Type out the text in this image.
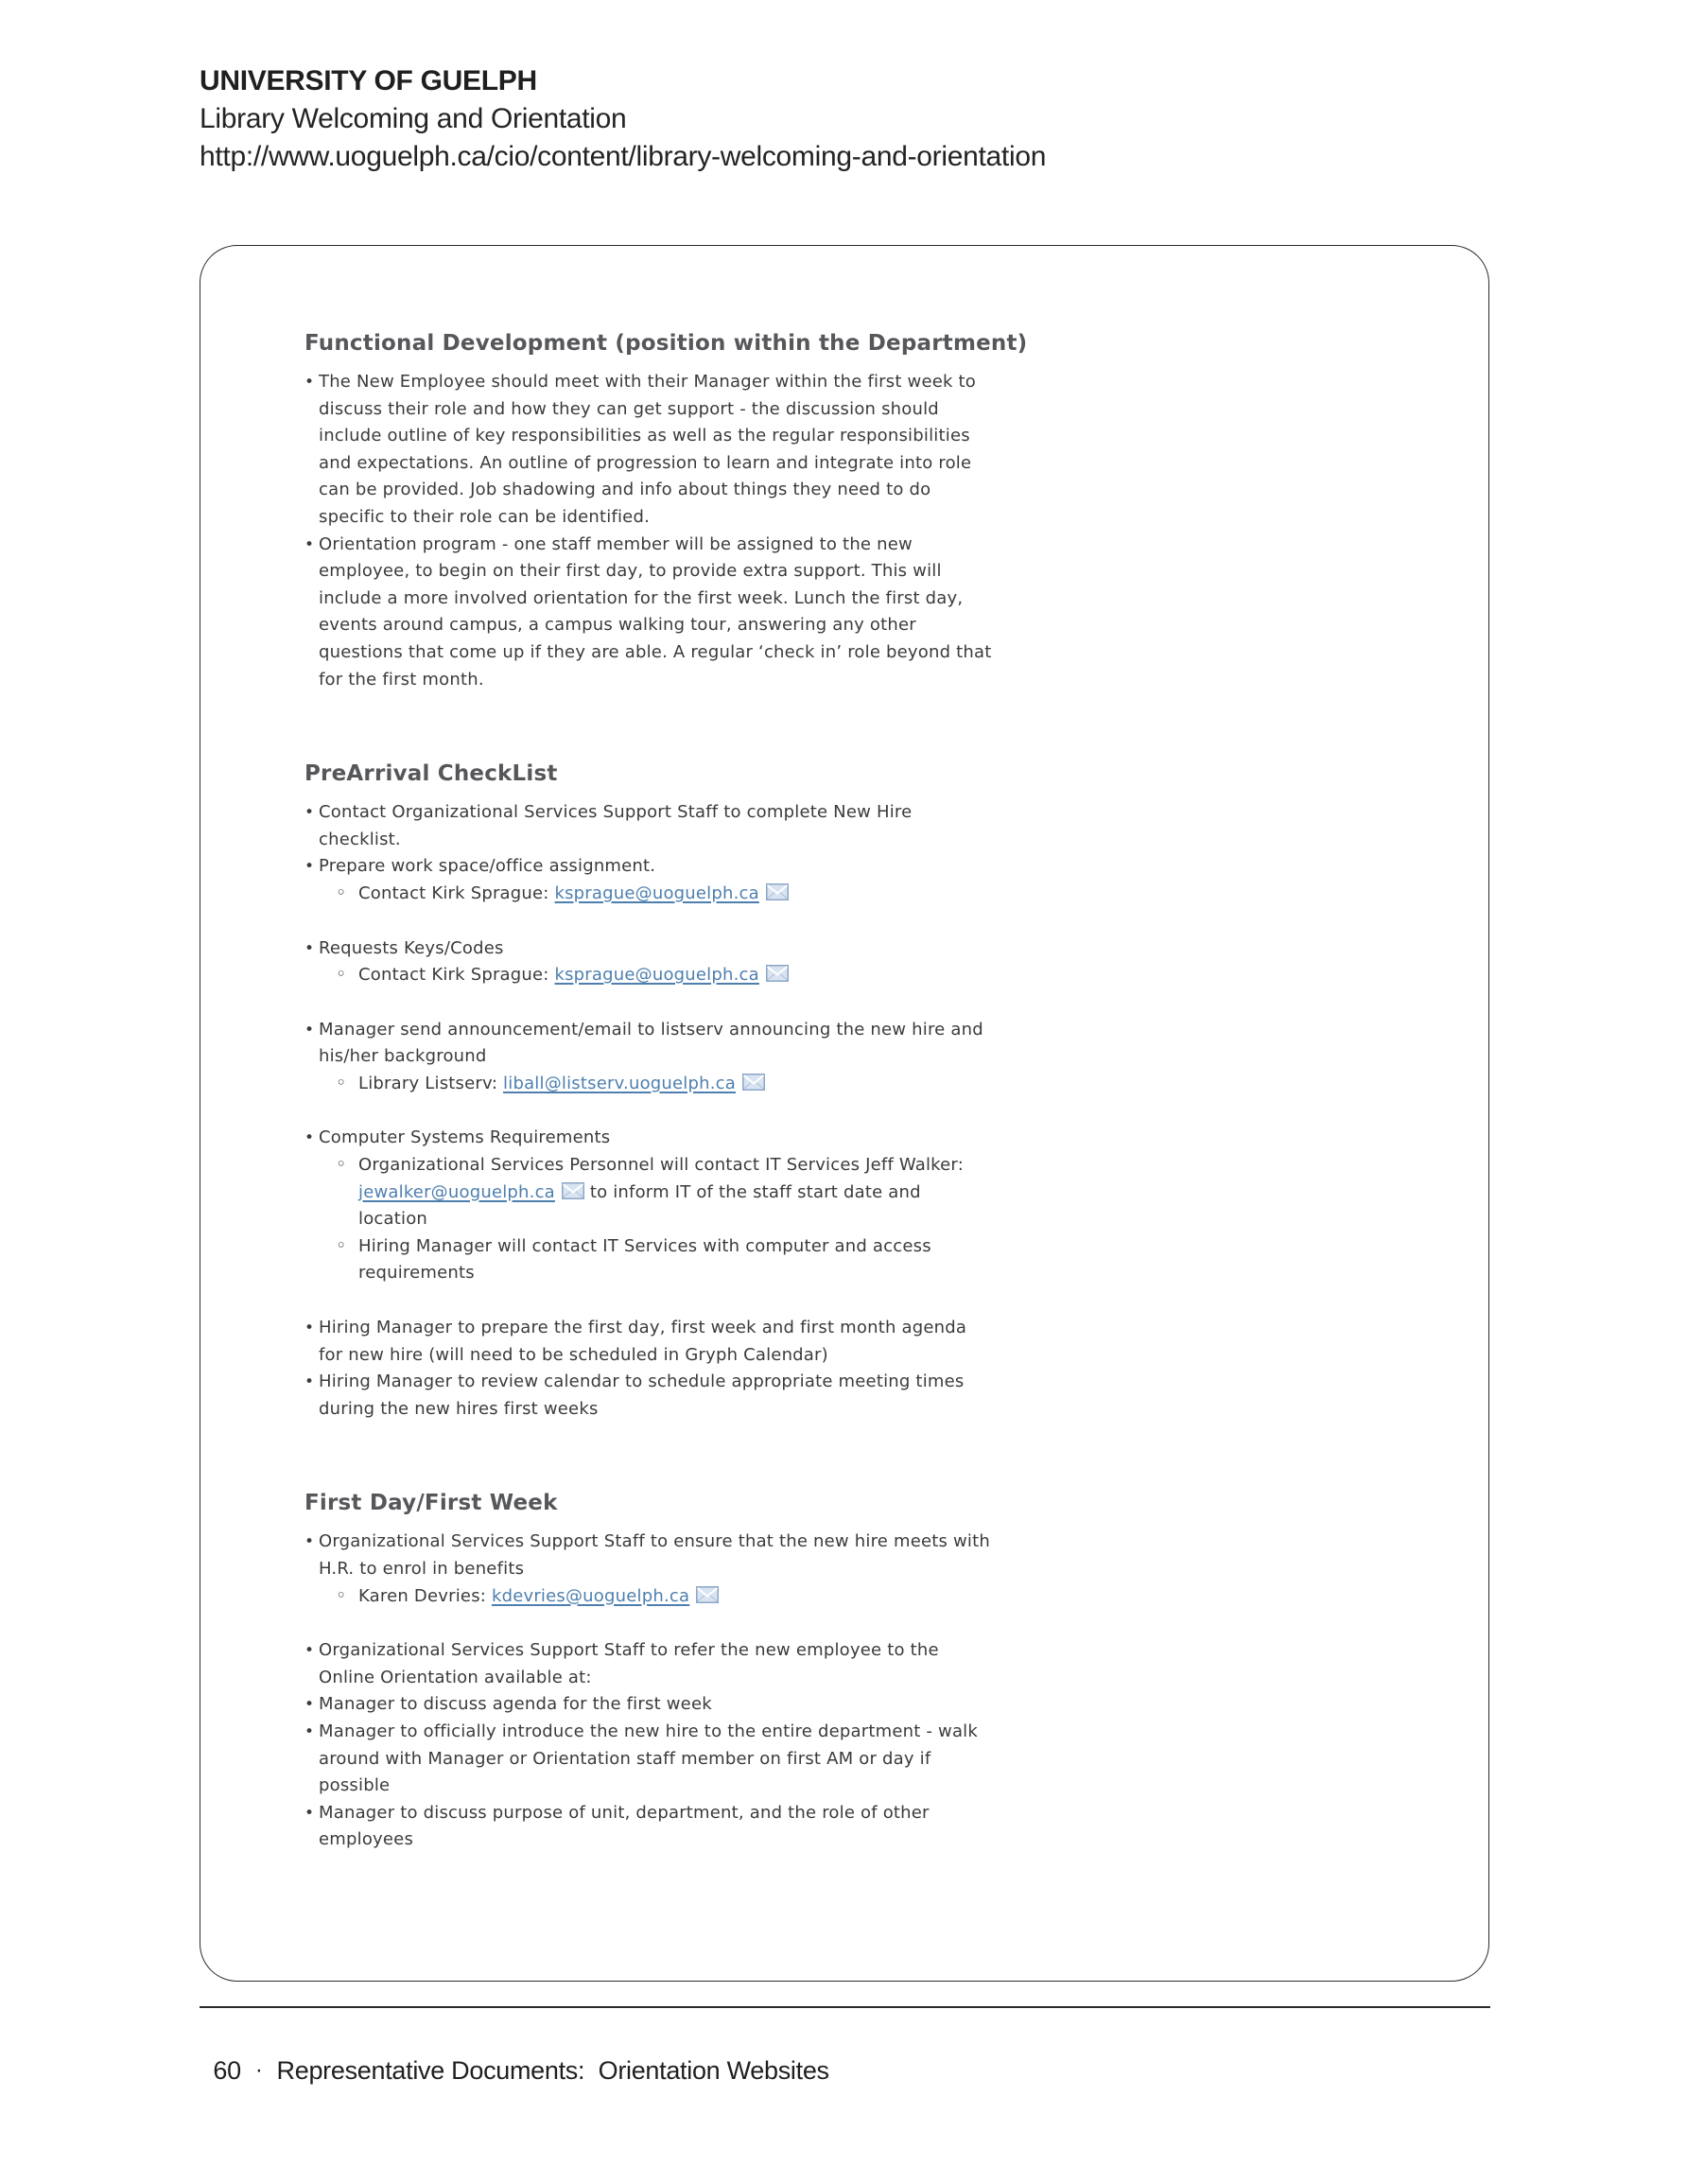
UNIVERSITY OF GUELPH
Library Welcoming and Orientation
http://www.uoguelph.ca/cio/content/library-welcoming-and-orientation
Functional Development (position within the Department)
• The New Employee should meet with their Manager within the first week to discuss their role and how they can get support - the discussion should include outline of key responsibilities as well as the regular responsibilities and expectations. An outline of progression to learn and integrate into role can be provided. Job shadowing and info about things they need to do specific to their role can be identified.
• Orientation program - one staff member will be assigned to the new employee, to begin on their first day, to provide extra support. This will include a more involved orientation for the first week. Lunch the first day, events around campus, a campus walking tour, answering any other questions that come up if they are able. A regular ‘check in’ role beyond that for the first month.
PreArrival CheckList
• Contact Organizational Services Support Staff to complete New Hire checklist.
• Prepare work space/office assignment.
◦ Contact Kirk Sprague: ksprague@uoguelph.ca
• Requests Keys/Codes
◦ Contact Kirk Sprague: ksprague@uoguelph.ca
• Manager send announcement/email to listserv announcing the new hire and his/her background
◦ Library Listserv: liball@listserv.uoguelph.ca
• Computer Systems Requirements
◦ Organizational Services Personnel will contact IT Services Jeff Walker: jewalker@uoguelph.ca to inform IT of the staff start date and location
◦ Hiring Manager will contact IT Services with computer and access requirements
• Hiring Manager to prepare the first day, first week and first month agenda for new hire (will need to be scheduled in Gryph Calendar)
• Hiring Manager to review calendar to schedule appropriate meeting times during the new hires first weeks
First Day/First Week
• Organizational Services Support Staff to ensure that the new hire meets with H.R. to enrol in benefits
◦ Karen Devries: kdevries@uoguelph.ca
• Organizational Services Support Staff to refer the new employee to the Online Orientation available at:
• Manager to discuss agenda for the first week
• Manager to officially introduce the new hire to the entire department - walk around with Manager or Orientation staff member on first AM or day if possible
• Manager to discuss purpose of unit, department, and the role of other employees

60 · Representative Documents:  Orientation Websites
